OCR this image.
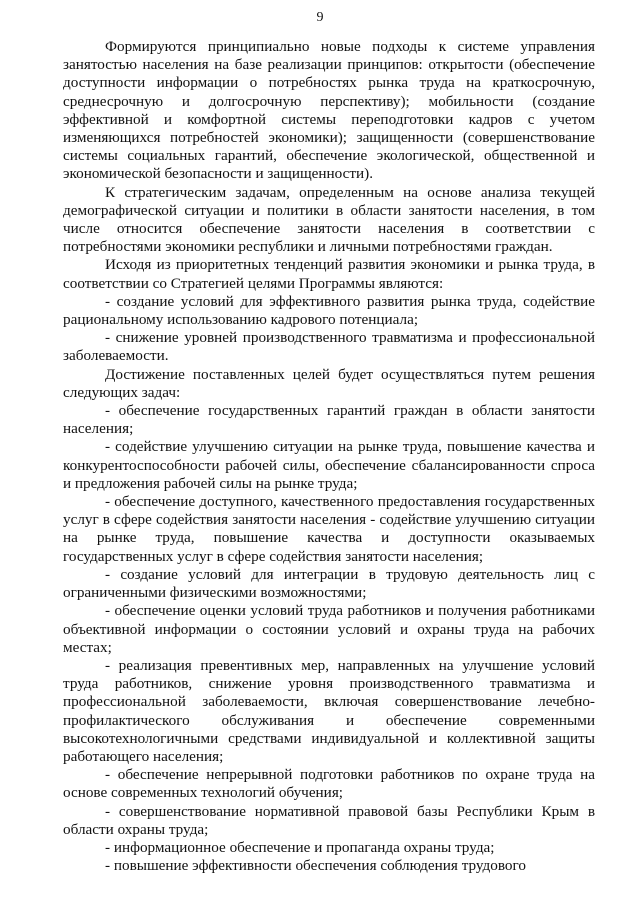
9

Формируются принципиально новые подходы к системе управления занятостью населения на базе реализации принципов: открытости (обеспечение доступности информации о потребностях рынка труда на краткосрочную, среднесрочную и долгосрочную перспективу); мобильности (создание эффективной и комфортной системы переподготовки кадров с учетом изменяющихся потребностей экономики); защищенности (совершенствование системы социальных гарантий, обеспечение экологической, общественной и экономической безопасности и защищенности).

К стратегическим задачам, определенным на основе анализа текущей демографической ситуации и политики в области занятости населения, в том числе относится обеспечение занятости населения в соответствии с потребностями экономики республики и личными потребностями граждан.

Исходя из приоритетных тенденций развития экономики и рынка труда, в соответствии со Стратегией целями Программы являются:

- создание условий для эффективного развития рынка труда, содействие рациональному использованию кадрового потенциала;

- снижение уровней производственного травматизма и профессиональной заболеваемости.

Достижение поставленных целей будет осуществляться путем решения следующих задач:

- обеспечение государственных гарантий граждан в области занятости населения;

- содействие улучшению ситуации на рынке труда, повышение качества и конкурентоспособности рабочей силы, обеспечение сбалансированности спроса и предложения рабочей силы на рынке труда;

- обеспечение доступного, качественного предоставления государственных услуг в сфере содействия занятости населения - содействие улучшению ситуации на рынке труда, повышение качества и доступности оказываемых государственных услуг в сфере содействия занятости населения;

- создание условий для интеграции в трудовую деятельность лиц с ограниченными физическими возможностями;

- обеспечение оценки условий труда работников и получения работниками объективной информации о состоянии условий и охраны труда на рабочих местах;

- реализация превентивных мер, направленных на улучшение условий труда работников, снижение уровня производственного травматизма и профессиональной заболеваемости, включая совершенствование лечебно-профилактического обслуживания и обеспечение современными высокотехнологичными средствами индивидуальной и коллективной защиты работающего населения;

- обеспечение непрерывной подготовки работников по охране труда на основе современных технологий обучения;

- совершенствование нормативной правовой базы Республики Крым в области охраны труда;

- информационное обеспечение и пропаганда охраны труда;

- повышение эффективности обеспечения соблюдения трудового
